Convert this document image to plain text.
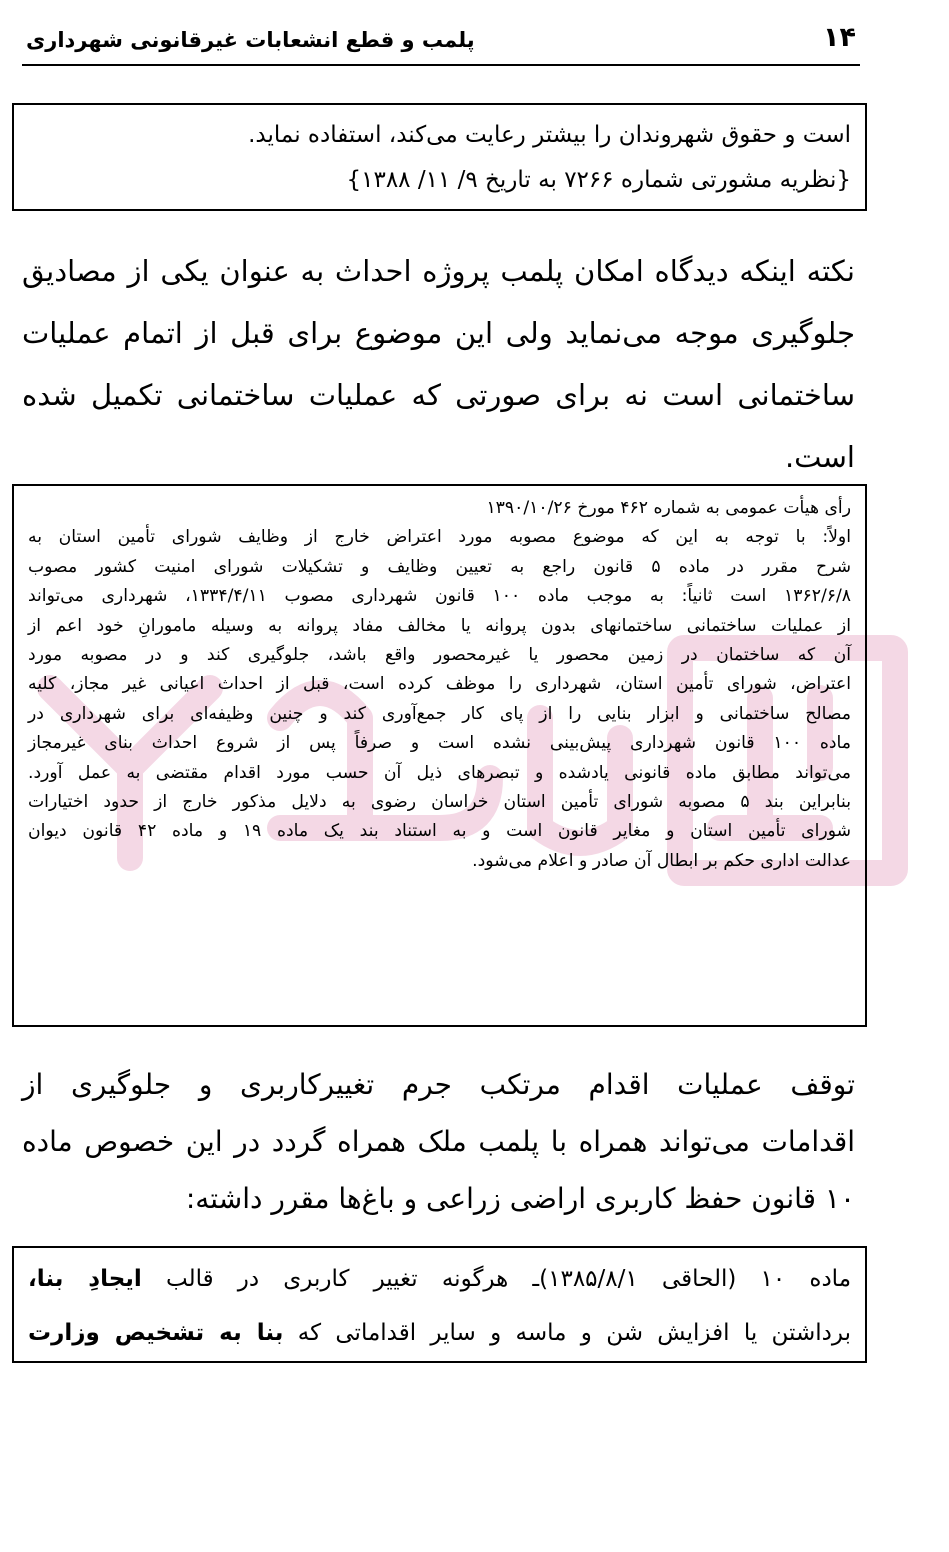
۱۴
پلمب و قطع انشعابات غیرقانونی شهرداری
است و حقوق شهروندان را بیشتر رعایت می‌کند، استفاده نماید.
{نظریه مشورتی شماره ۷۲۶۶ به تاریخ ۹/ ۱۱/ ۱۳۸۸}
نکته اینکه دیدگاه امکان پلمب پروژه احداث به عنوان یکی از مصادیق جلوگیری موجه می‌نماید ولی این موضوع برای قبل از اتمام عملیات ساختمانی است نه برای صورتی که عملیات ساختمانی تکمیل شده است.
رأی هیأت عمومی به شماره ۴۶۲ مورخ ۱۳۹۰/۱۰/۲۶
اولاً: با توجه به این که موضوع مصوبه مورد اعتراض خارج از وظایف شورای تأمین استان به
شرح مقرر در ماده ۵ قانون راجع به تعیین وظایف و تشکیلات شورای امنیت کشور مصوب
۱۳۶۲/۶/۸ است ثانیاً: به موجب ماده ۱۰۰ قانون شهرداری مصوب ۱۳۳۴/۴/۱۱، شهرداری می‌تواند
از عملیات ساختمانی ساختمانهای بدون پروانه یا مخالف مفاد پروانه به وسیله مامورانِ خود اعم از
آن که ساختمان در زمین محصور یا غیرمحصور واقع باشد، جلوگیری کند و در مصوبه مورد
اعتراض، شورای تأمین استان، شهرداری را موظف کرده است، قبل از احداث اعیانی غیر مجاز، کلیه
مصالح ساختمانی و ابزار بنایی را از پای کار جمع‌آوری کند و چنین وظیفه‌ای برای شهرداری در
ماده ۱۰۰ قانون شهرداری پیش‌بینی نشده است و صرفاً پس از شروع احداث بنای غیرمجاز
می‌تواند مطابق ماده قانونی یادشده و تبصرهای ذیل آن حسب مورد اقدام مقتضی به عمل آورد.
بنابراین بند ۵ مصوبه شورای تأمین استان خراسان رضوی به دلایل مذکور خارج از حدود اختیارات
شورای تأمین استان و مغایر قانون است و به استناد بند یک ماده ۱۹ و ماده ۴۲ قانون دیوان
عدالت اداری حکم بر ابطال آن صادر و اعلام می‌شود.
توقف عملیات اقدام مرتکب جرم تغییرکاربری و جلوگیری از
اقدامات می‌تواند همراه با پلمب ملک همراه گردد در این خصوص ماده
۱۰ قانون حفظ کاربری اراضی زراعی و باغ‌ها مقرر داشته:
ماده ۱۰ (الحاقی ۱۳۸۵/۸/۱)ـ هرگونه تغییر کاربری در قالب ایجادِ بنا،
برداشتن یا افزایش شن و ماسه و سایر اقداماتی که بنا به تشخیص وزارت
